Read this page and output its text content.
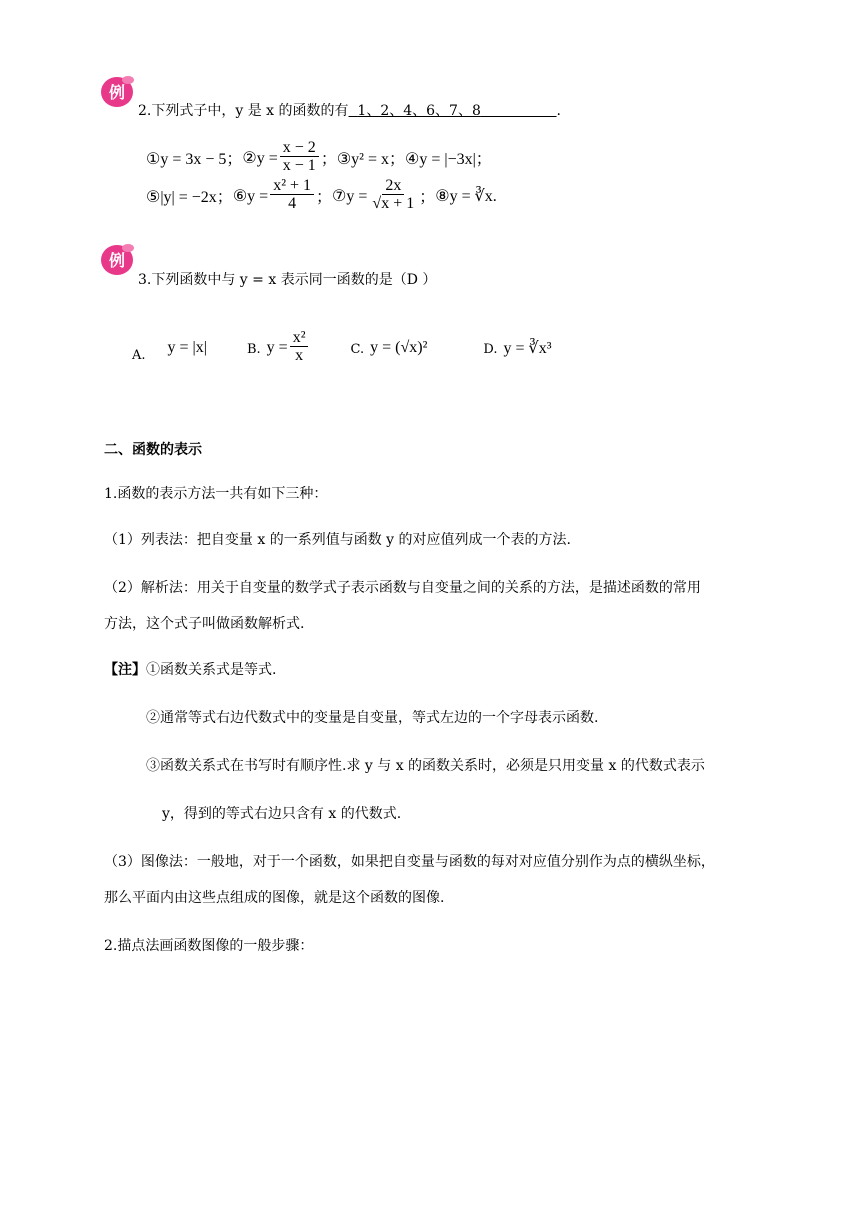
例
2.下列式子中，y 是 x 的函数的有 1、2、4、6、7、8	.
①y = 3x − 5； ②y = $\frac{x - 2}{x - 1}$ ； ③y² = x； ④y = |−3x|；
⑤|y| = −2x； ⑥y = $\frac{\text{x² + 1}}{4}$ ； ⑦y = $\frac{2x}{√x + 1}$ ； ⑧y = ∛x.
例
3.下列函数中与 y = x 表示同一函数的是（D ）
A. y = |x|	B. $y = \frac{\text{x²}}{x}$	C. y = (√x)²	D. y = ∛x³
二、函数的表示
1.函数的表示方法一共有如下三种：
（1）列表法：把自变量 x 的一系列值与函数 y 的对应值列成一个表的方法.
（2）解析法：用关于自变量的数学式子表示函数与自变量之间的关系的方法，是描述函数的常用
方法，这个式子叫做函数解析式.
【注】①函数关系式是等式.
②通常等式右边代数式中的变量是自变量，等式左边的一个字母表示函数.
③函数关系式在书写时有顺序性.求 y 与 x 的函数关系时，必须是只用变量 x 的代数式表示
y，得到的等式右边只含有 x 的代数式.
（3）图像法：一般地，对于一个函数，如果把自变量与函数的每对对应值分别作为点的横纵坐标，
那么平面内由这些点组成的图像，就是这个函数的图像.
2.描点法画函数图像的一般步骤：
